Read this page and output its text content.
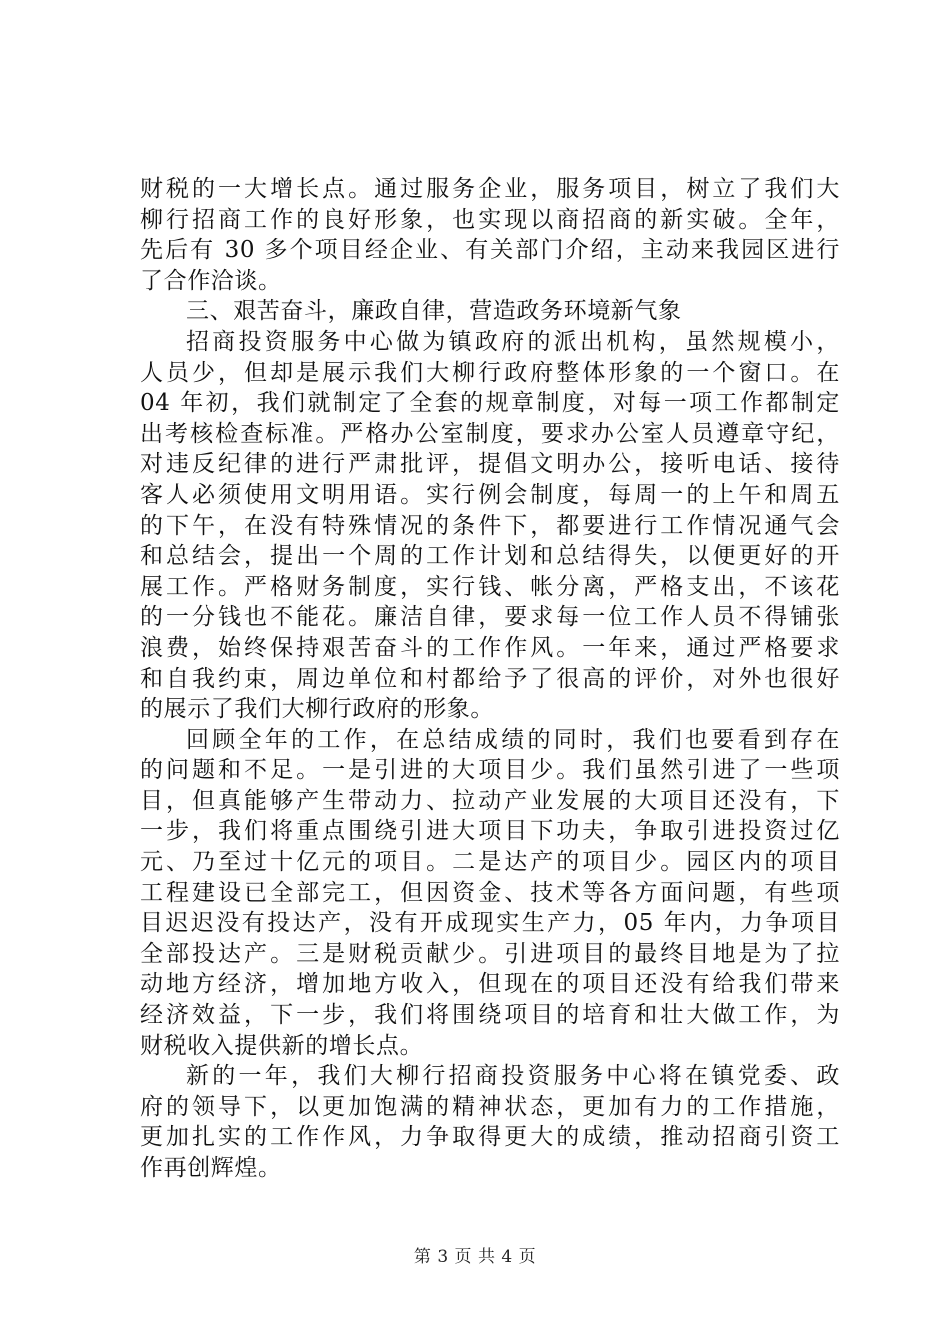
财税的一大增长点。通过服务企业，服务项目，树立了我们大
柳行招商工作的良好形象，也实现以商招商的新实破。全年，
先后有 30 多个项目经企业、有关部门介绍，主动来我园区进行
了合作洽谈。
三、艰苦奋斗，廉政自律，营造政务环境新气象
招商投资服务中心做为镇政府的派出机构，虽然规模小，
人员少，但却是展示我们大柳行政府整体形象的一个窗口。在
04 年初，我们就制定了全套的规章制度，对每一项工作都制定
出考核检查标准。严格办公室制度，要求办公室人员遵章守纪，
对违反纪律的进行严肃批评，提倡文明办公，接听电话、接待
客人必须使用文明用语。实行例会制度，每周一的上午和周五
的下午，在没有特殊情况的条件下，都要进行工作情况通气会
和总结会，提出一个周的工作计划和总结得失，以便更好的开
展工作。严格财务制度，实行钱、帐分离，严格支出，不该花
的一分钱也不能花。廉洁自律，要求每一位工作人员不得铺张
浪费，始终保持艰苦奋斗的工作作风。一年来，通过严格要求
和自我约束，周边单位和村都给予了很高的评价，对外也很好
的展示了我们大柳行政府的形象。
回顾全年的工作，在总结成绩的同时，我们也要看到存在
的问题和不足。一是引进的大项目少。我们虽然引进了一些项
目，但真能够产生带动力、拉动产业发展的大项目还没有，下
一步，我们将重点围绕引进大项目下功夫，争取引进投资过亿
元、乃至过十亿元的项目。二是达产的项目少。园区内的项目
工程建设已全部完工，但因资金、技术等各方面问题，有些项
目迟迟没有投达产，没有开成现实生产力，05 年内，力争项目
全部投达产。三是财税贡献少。引进项目的最终目地是为了拉
动地方经济，增加地方收入，但现在的项目还没有给我们带来
经济效益，下一步，我们将围绕项目的培育和壮大做工作，为
财税收入提供新的增长点。
新的一年，我们大柳行招商投资服务中心将在镇党委、政
府的领导下，以更加饱满的精神状态，更加有力的工作措施，
更加扎实的工作作风，力争取得更大的成绩，推动招商引资工
作再创辉煌。
第 3 页 共 4 页
